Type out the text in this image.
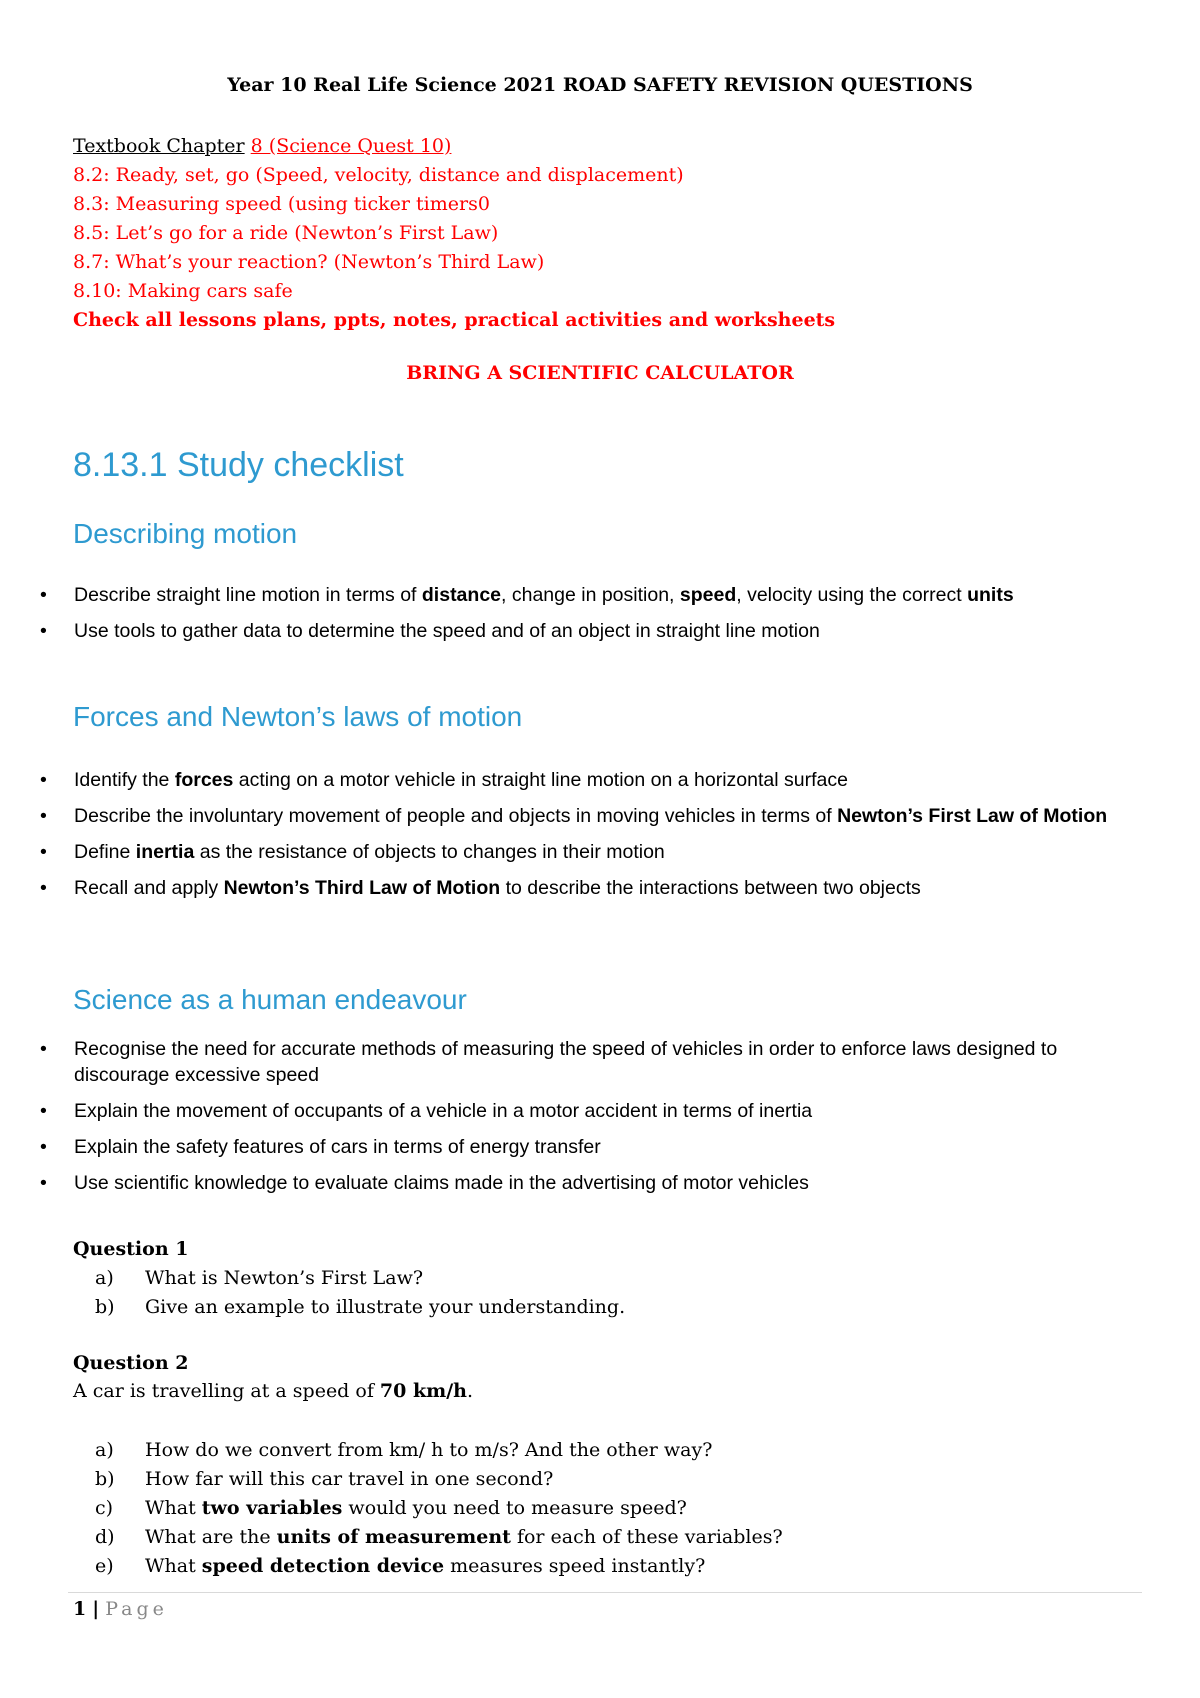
Year 10 Real Life Science 2021 ROAD SAFETY REVISION QUESTIONS
Textbook Chapter 8 (Science Quest 10)
8.2: Ready, set, go (Speed, velocity, distance and displacement)
8.3: Measuring speed (using ticker timers0
8.5: Let’s go for a ride (Newton’s First Law)
8.7: What’s your reaction? (Newton’s Third Law)
8.10: Making cars safe
Check all lessons plans, ppts, notes, practical activities and worksheets
BRING A SCIENTIFIC CALCULATOR
8.13.1 Study checklist
Describing motion
• Describe straight line motion in terms of distance, change in position, speed, velocity using the correct units
• Use tools to gather data to determine the speed and of an object in straight line motion
Forces and Newton’s laws of motion
• Identify the forces acting on a motor vehicle in straight line motion on a horizontal surface
• Describe the involuntary movement of people and objects in moving vehicles in terms of Newton’s First Law of Motion
• Define inertia as the resistance of objects to changes in their motion
• Recall and apply Newton’s Third Law of Motion to describe the interactions between two objects
Science as a human endeavour
• Recognise the need for accurate methods of measuring the speed of vehicles in order to enforce laws designed to discourage excessive speed
• Explain the movement of occupants of a vehicle in a motor accident in terms of inertia
• Explain the safety features of cars in terms of energy transfer
• Use scientific knowledge to evaluate claims made in the advertising of motor vehicles
Question 1
a) What is Newton’s First Law?
b) Give an example to illustrate your understanding.
Question 2
A car is travelling at a speed of 70 km/h.
a) How do we convert from km/ h to m/s? And the other way?
b) How far will this car travel in one second?
c) What two variables would you need to measure speed?
d) What are the units of measurement for each of these variables?
e) What speed detection device measures speed instantly?
1 | Page
